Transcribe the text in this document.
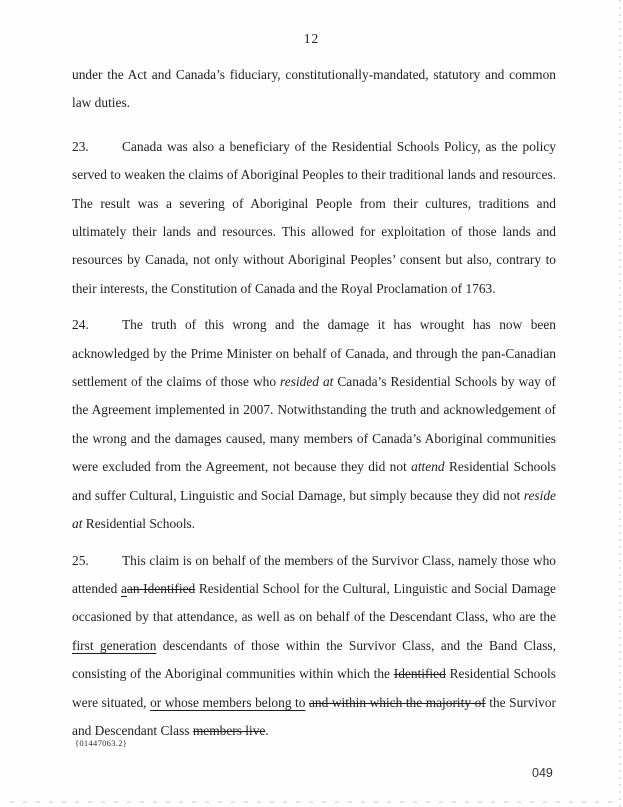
12

under the Act and Canada’s fiduciary, constitutionally-mandated, statutory and common law duties.

23. Canada was also a beneficiary of the Residential Schools Policy, as the policy served to weaken the claims of Aboriginal Peoples to their traditional lands and resources. The result was a severing of Aboriginal People from their cultures, traditions and ultimately their lands and resources. This allowed for exploitation of those lands and resources by Canada, not only without Aboriginal Peoples’ consent but also, contrary to their interests, the Constitution of Canada and the Royal Proclamation of 1763.

24. The truth of this wrong and the damage it has wrought has now been acknowledged by the Prime Minister on behalf of Canada, and through the pan-Canadian settlement of the claims of those who resided at Canada’s Residential Schools by way of the Agreement implemented in 2007. Notwithstanding the truth and acknowledgement of the wrong and the damages caused, many members of Canada’s Aboriginal communities were excluded from the Agreement, not because they did not attend Residential Schools and suffer Cultural, Linguistic and Social Damage, but simply because they did not reside at Residential Schools.

25. This claim is on behalf of the members of the Survivor Class, namely those who attended aan Identified Residential School for the Cultural, Linguistic and Social Damage occasioned by that attendance, as well as on behalf of the Descendant Class, who are the first generation descendants of those within the Survivor Class, and the Band Class, consisting of the Aboriginal communities within which the Identified Residential Schools were situated, or whose members belong to and within which the majority of the Survivor and Descendant Class members live.

{01447063.2}
049
